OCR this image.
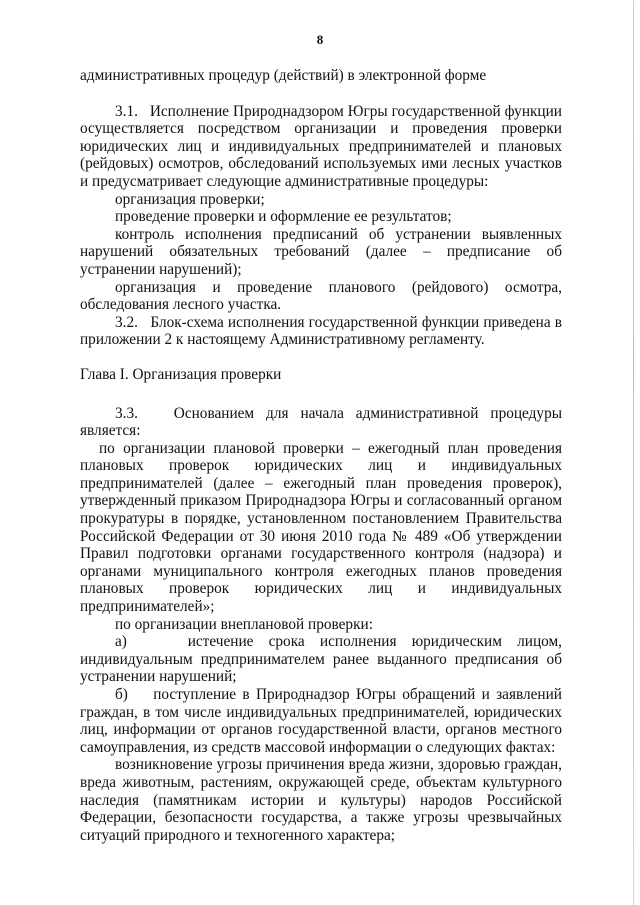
8

административных процедур (действий) в электронной форме

3.1.   Исполнение Природнадзором Югры государственной функции осуществляется посредством организации и проведения проверки юридических лиц и индивидуальных предпринимателей и плановых (рейдовых) осмотров, обследований используемых ими лесных участков и предусматривает следующие административные процедуры:

организация проверки;

проведение проверки и оформление ее результатов;

контроль исполнения предписаний об устранении выявленных нарушений обязательных требований (далее – предписание об устранении нарушений);

организация и проведение планового (рейдового) осмотра, обследования лесного участка.

3.2.   Блок-схема исполнения государственной функции приведена в приложении 2 к настоящему Административному регламенту.

Глава I. Организация проверки

3.3.   Основанием для начала административной процедуры является:

по организации плановой проверки – ежегодный план проведения плановых проверок юридических лиц и индивидуальных предпринимателей (далее – ежегодный план проведения проверок), утвержденный приказом Природнадзора Югры и согласованный органом прокуратуры в порядке, установленном постановлением Правительства Российской Федерации от 30 июня 2010 года № 489 «Об утверждении Правил подготовки органами государственного контроля (надзора) и органами муниципального контроля ежегодных планов проведения плановых проверок юридических лиц и индивидуальных предпринимателей»;

по организации внеплановой проверки:

а)    истечение срока исполнения юридическим лицом, индивидуальным предпринимателем ранее выданного предписания об устранении нарушений;

б)    поступление в Природнадзор Югры обращений и заявлений граждан, в том числе индивидуальных предпринимателей, юридических лиц, информации от органов государственной власти, органов местного самоуправления, из средств массовой информации о следующих фактах:

возникновение угрозы причинения вреда жизни, здоровью граждан, вреда животным, растениям, окружающей среде, объектам культурного наследия (памятникам истории и культуры) народов Российской Федерации, безопасности государства, а также угрозы чрезвычайных ситуаций природного и техногенного характера;
